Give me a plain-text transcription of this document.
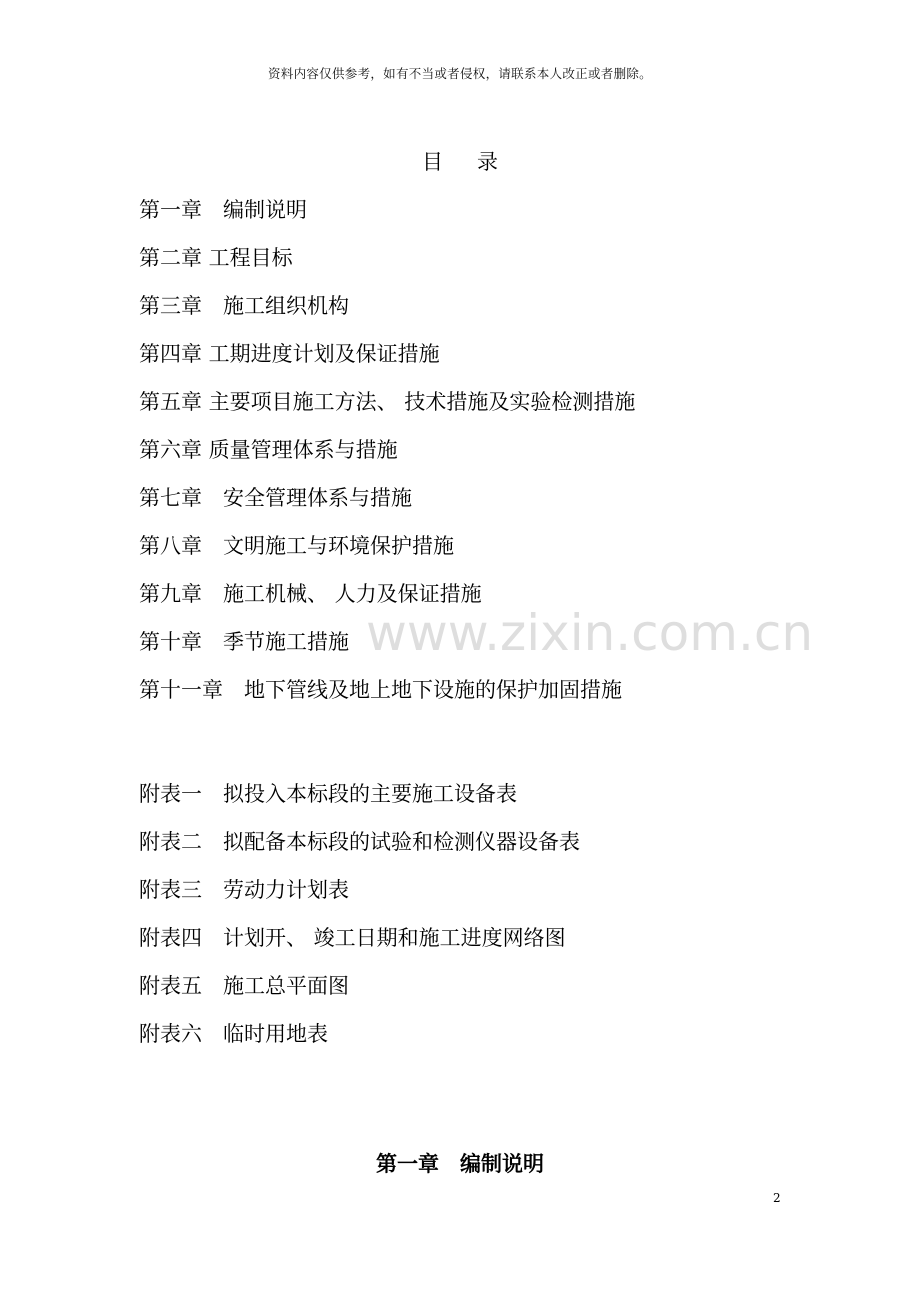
资料内容仅供参考，如有不当或者侵权，请联系本人改正或者删除。
目 录
www.zixin.com.cn
第一章　编制说明
第二章 工程目标
第三章　施工组织机构
第四章 工期进度计划及保证措施
第五章 主要项目施工方法、 技术措施及实验检测措施
第六章 质量管理体系与措施
第七章　安全管理体系与措施
第八章　文明施工与环境保护措施
第九章　施工机械、 人力及保证措施
第十章　季节施工措施
第十一章　地下管线及地上地下设施的保护加固措施
附表一　拟投入本标段的主要施工设备表
附表二　拟配备本标段的试验和检测仪器设备表
附表三　劳动力计划表
附表四　计划开、 竣工日期和施工进度网络图
附表五　施工总平面图
附表六　临时用地表
第一章　编制说明
2
